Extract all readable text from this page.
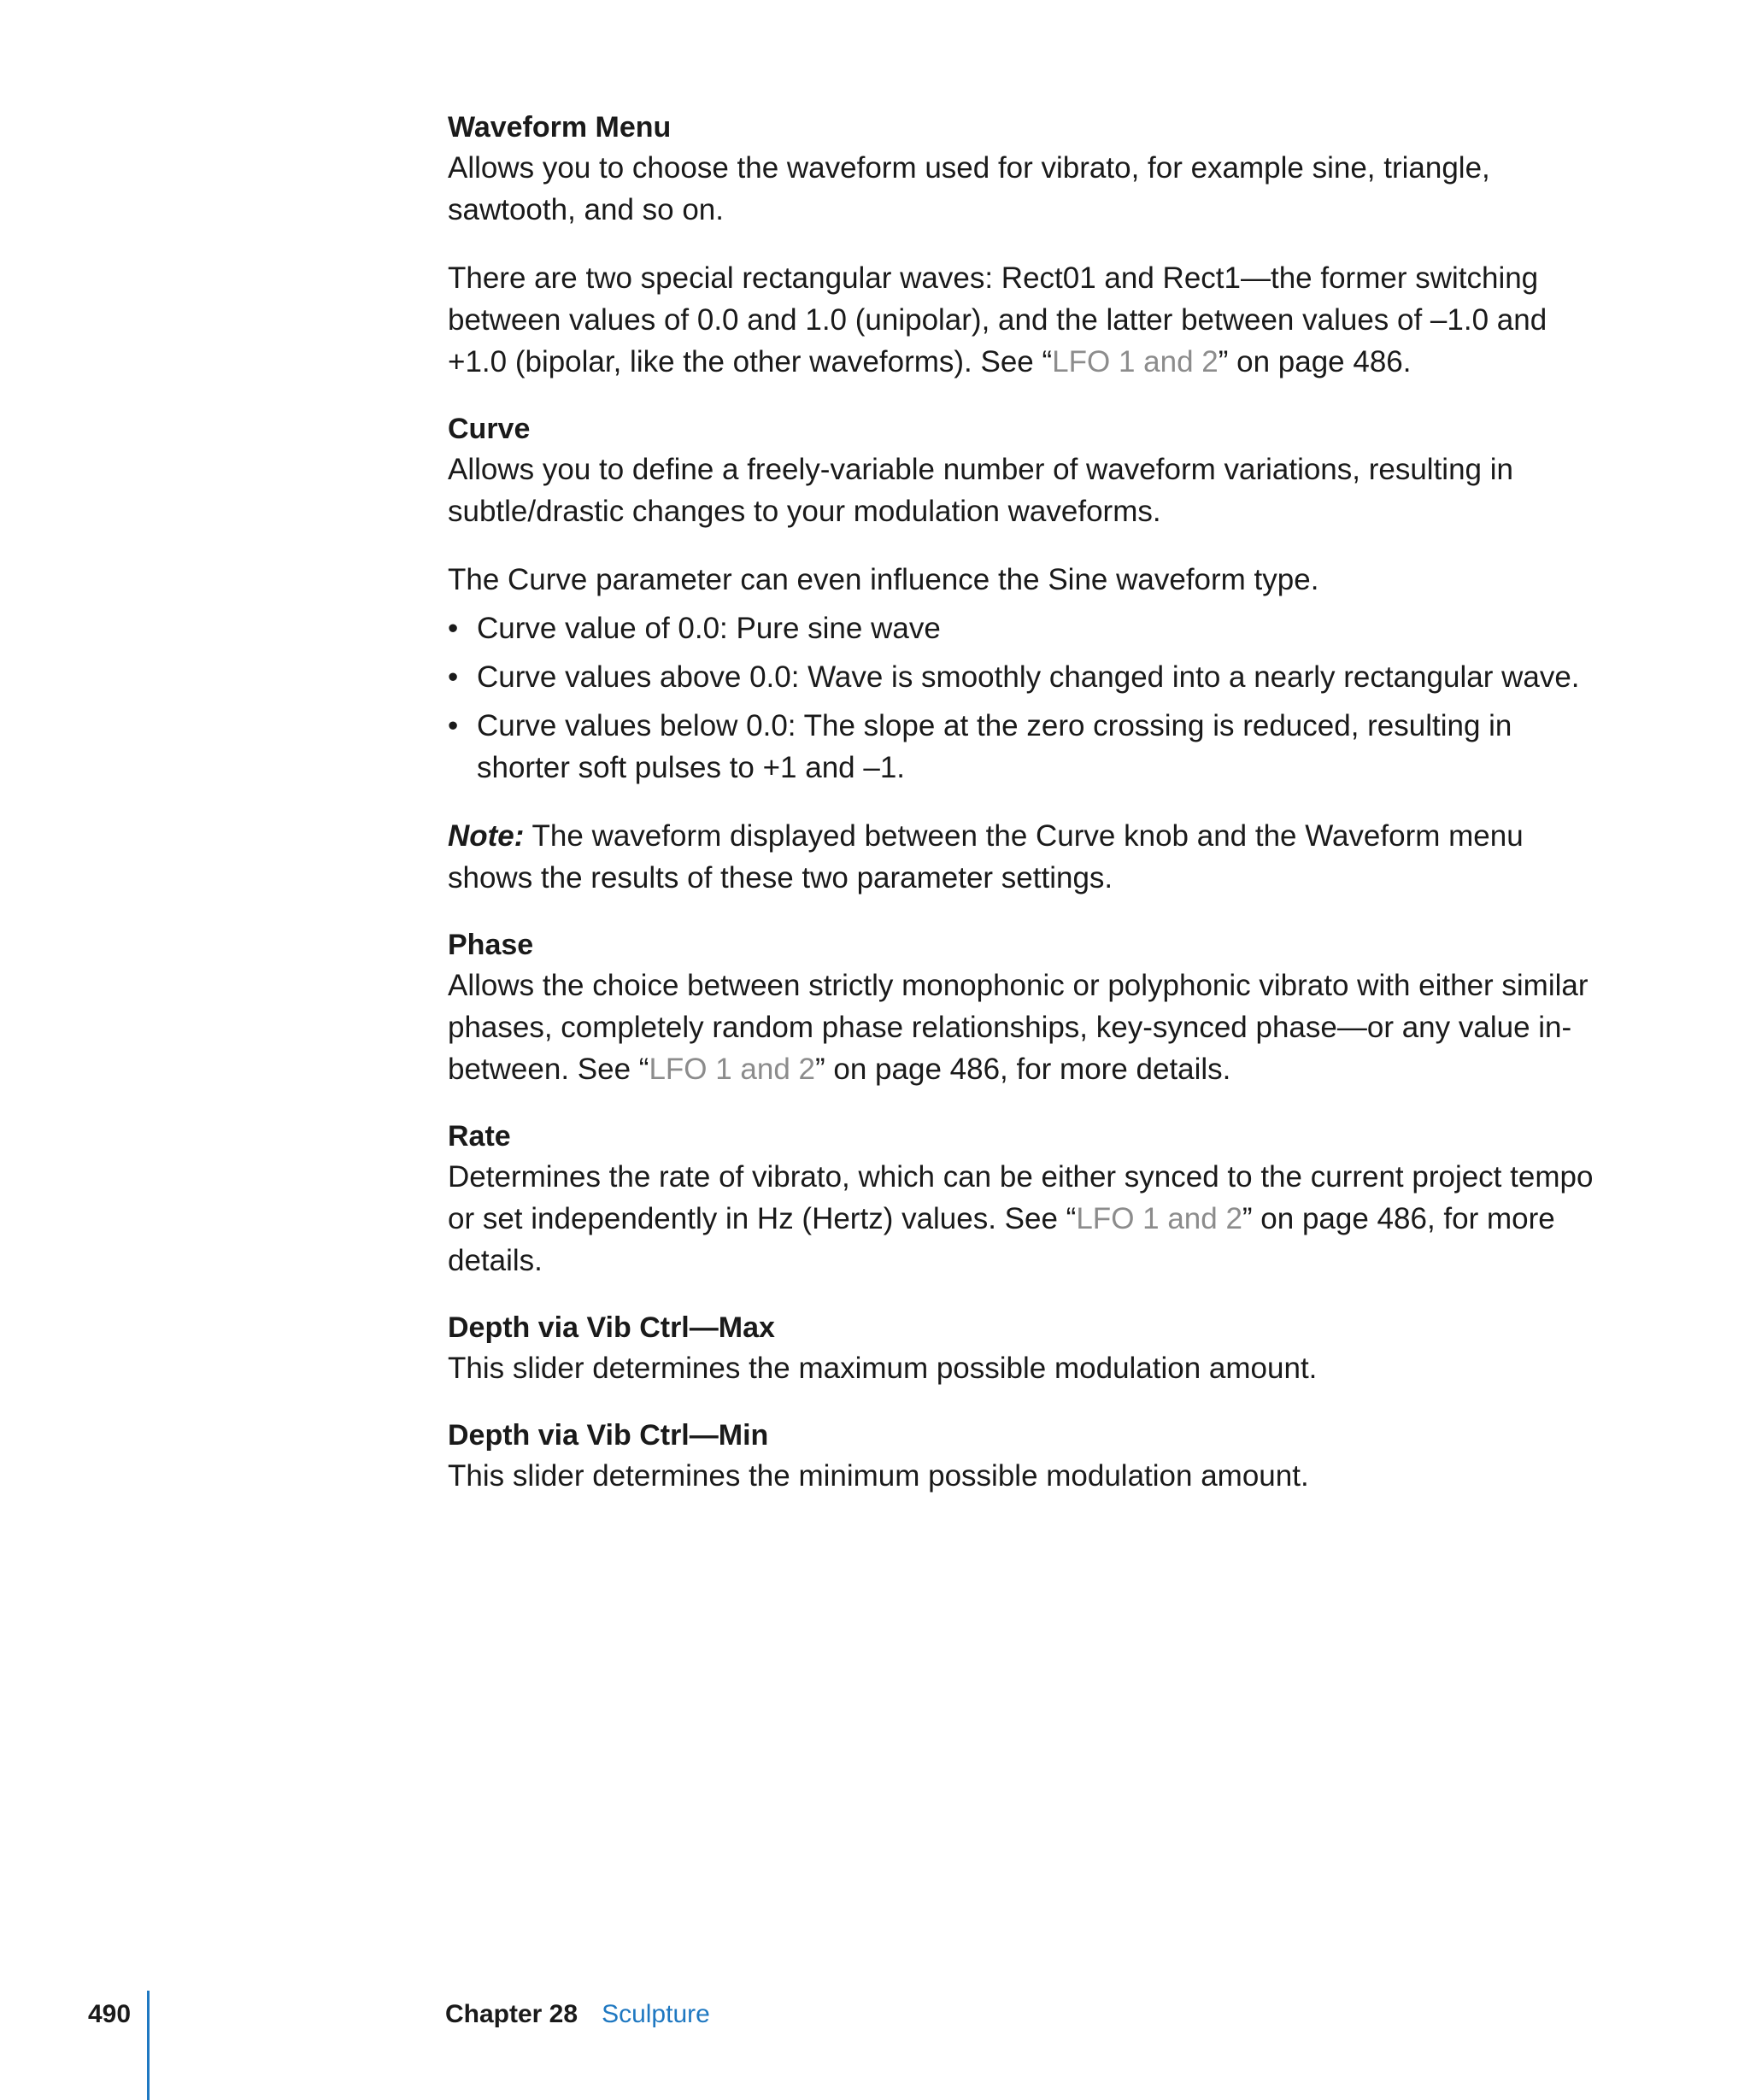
Waveform Menu

Allows you to choose the waveform used for vibrato, for example sine, triangle, sawtooth, and so on.

There are two special rectangular waves: Rect01 and Rect1—the former switching between values of 0.0 and 1.0 (unipolar), and the latter between values of –1.0 and +1.0 (bipolar, like the other waveforms). See “LFO 1 and 2” on page 486.

Curve

Allows you to define a freely-variable number of waveform variations, resulting in subtle/drastic changes to your modulation waveforms.

The Curve parameter can even influence the Sine waveform type.

• Curve value of 0.0: Pure sine wave
• Curve values above 0.0: Wave is smoothly changed into a nearly rectangular wave.
• Curve values below 0.0: The slope at the zero crossing is reduced, resulting in shorter soft pulses to +1 and –1.

Note: The waveform displayed between the Curve knob and the Waveform menu shows the results of these two parameter settings.

Phase

Allows the choice between strictly monophonic or polyphonic vibrato with either similar phases, completely random phase relationships, key-synced phase—or any value in-between. See “LFO 1 and 2” on page 486, for more details.

Rate

Determines the rate of vibrato, which can be either synced to the current project tempo or set independently in Hz (Hertz) values. See “LFO 1 and 2” on page 486, for more details.

Depth via Vib Ctrl—Max

This slider determines the maximum possible modulation amount.

Depth via Vib Ctrl—Min

This slider determines the minimum possible modulation amount.

490	Chapter 28 Sculpture
